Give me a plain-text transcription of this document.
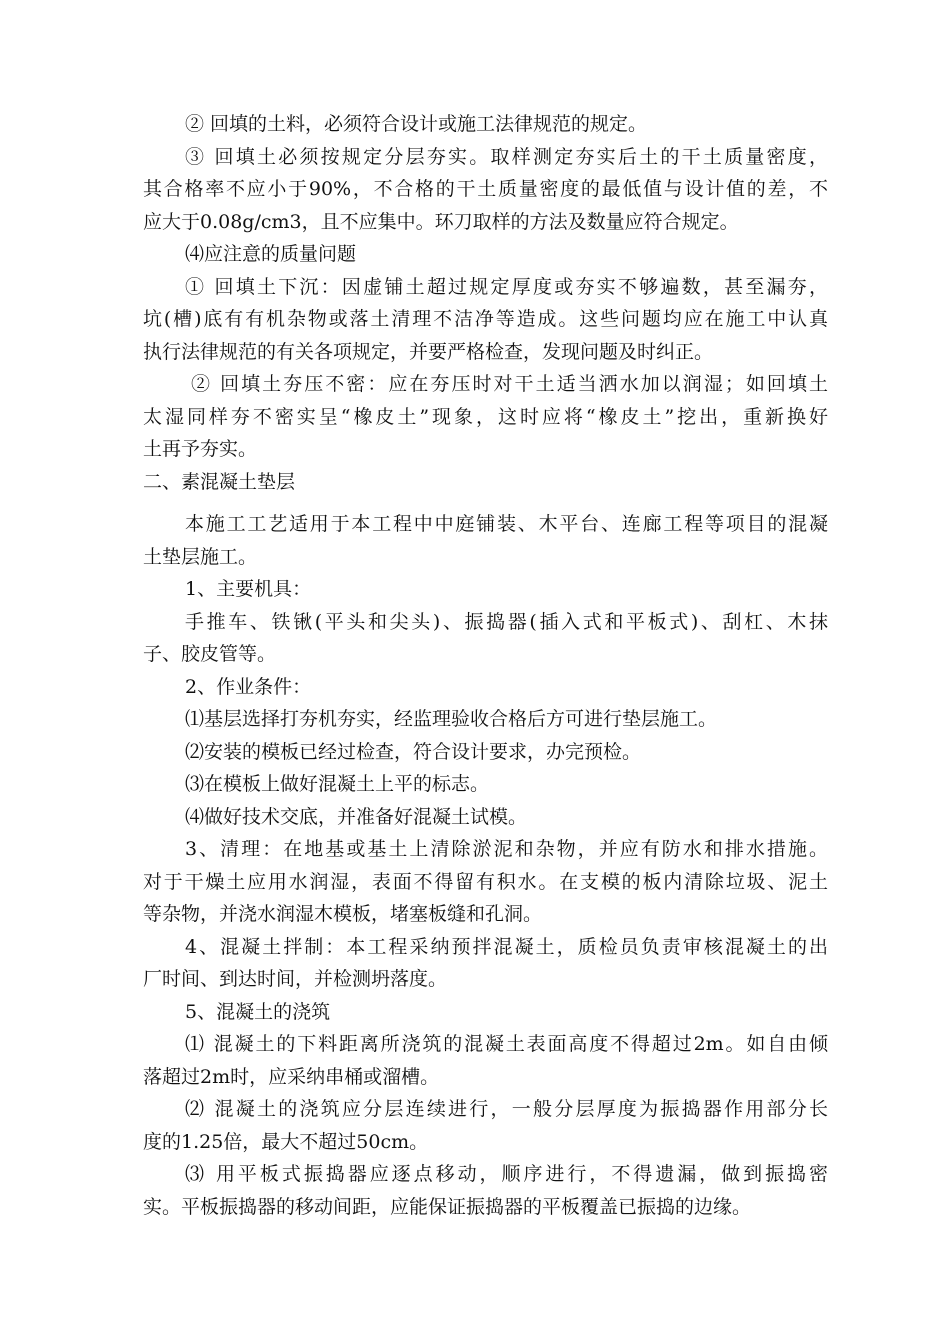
② 回填的土料，必须符合设计或施工法律规范的规定。
③ 回填土必须按规定分层夯实。取样测定夯实后土的干土质量密度，
其合格率不应小于90%，不合格的干土质量密度的最低值与设计值的差，不
应大于0.08g/cm3，且不应集中。环刀取样的方法及数量应符合规定。
⑷应注意的质量问题
① 回填土下沉：因虚铺土超过规定厚度或夯实不够遍数，甚至漏夯，
坑(槽)底有有机杂物或落土清理不洁净等造成。这些问题均应在施工中认真
执行法律规范的有关各项规定，并要严格检查，发现问题及时纠正。
② 回填土夯压不密：应在夯压时对干土适当洒水加以润湿；如回填土
太湿同样夯不密实呈“橡皮土”现象，这时应将“橡皮土”挖出，重新换好
土再予夯实。
二、素混凝土垫层
本施工工艺适用于本工程中中庭铺装、木平台、连廊工程等项目的混凝
土垫层施工。
1、主要机具：
手推车、铁锹(平头和尖头)、振捣器(插入式和平板式)、刮杠、木抹
子、胶皮管等。
2、作业条件：
⑴基层选择打夯机夯实，经监理验收合格后方可进行垫层施工。
⑵安装的模板已经过检查，符合设计要求，办完预检。
⑶在模板上做好混凝土上平的标志。
⑷做好技术交底，并准备好混凝土试模。
3、清理：在地基或基土上清除淤泥和杂物，并应有防水和排水措施。
对于干燥土应用水润湿，表面不得留有积水。在支模的板内清除垃圾、泥土
等杂物，并浇水润湿木模板，堵塞板缝和孔洞。
4、混凝土拌制：本工程采纳预拌混凝土，质检员负责审核混凝土的出
厂时间、到达时间，并检测坍落度。
5、混凝土的浇筑
⑴ 混凝土的下料距离所浇筑的混凝土表面高度不得超过2m。如自由倾
落超过2m时，应采纳串桶或溜槽。
⑵ 混凝土的浇筑应分层连续进行，一般分层厚度为振捣器作用部分长
度的1.25倍，最大不超过50cm。
⑶ 用平板式振捣器应逐点移动，顺序进行，不得遗漏，做到振捣密
实。平板振捣器的移动间距，应能保证振捣器的平板覆盖已振捣的边缘。
